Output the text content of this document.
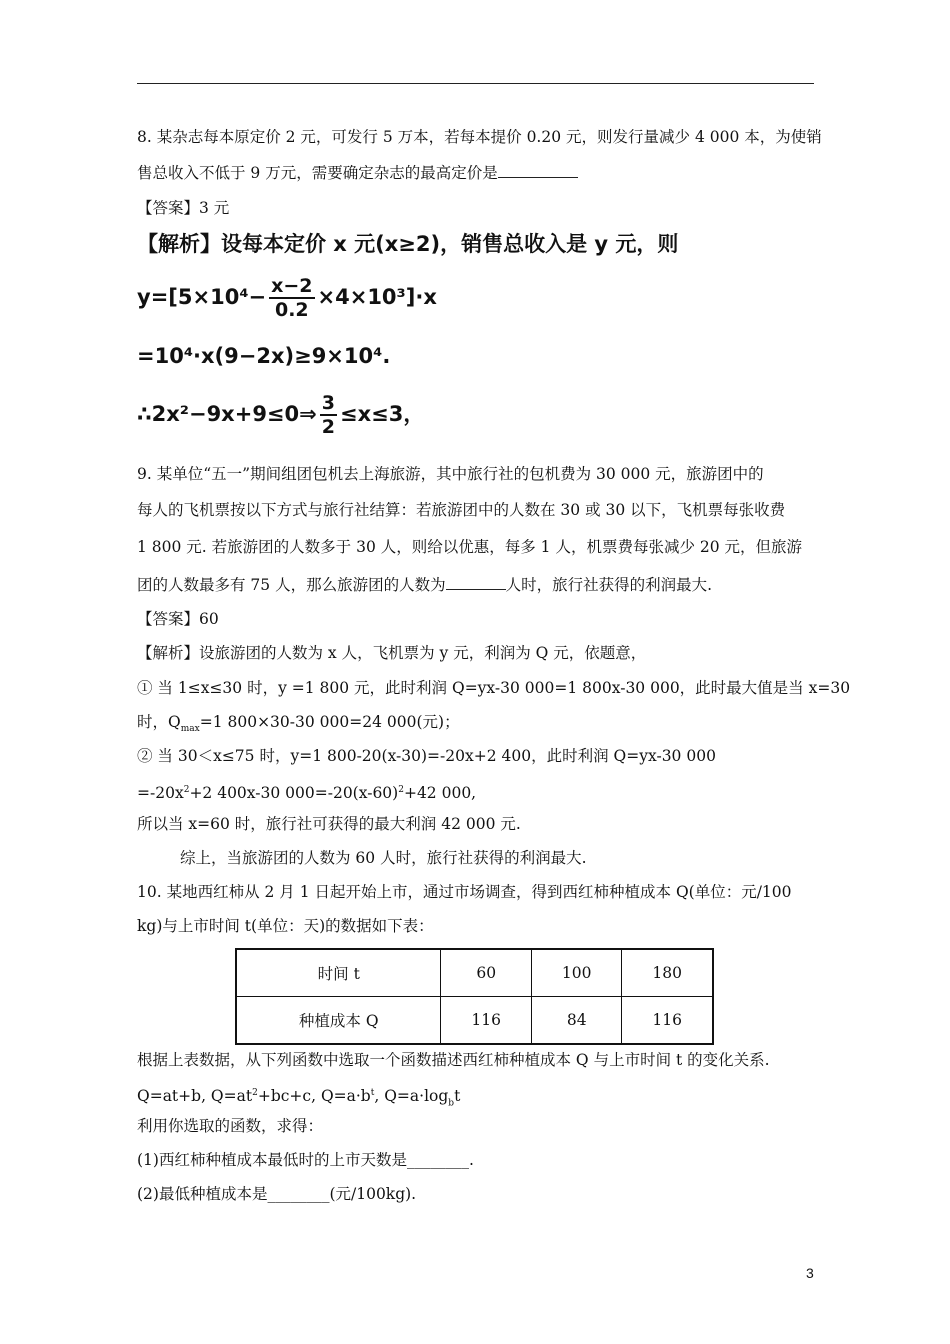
8. 某杂志每本原定价 2 元，可发行 5 万本，若每本提价 0.20 元，则发行量减少 4 000 本，为使销
售总收入不低于 9 万元，需要确定杂志的最高定价是
【答案】3 元
【解析】设每本定价 x 元(x≥2)，销售总收入是 y 元，则
$y=[5\times 10^4- \frac{x-2}{0.2} \times 4\times 10^3]\cdot x$
=10⁴·x(9−2x)≥9×10⁴.
∴2x²−9x+9≤0⇒ $\frac{3}{2} \le x\le 3$，
9. 某单位“五一”期间组团包机去上海旅游，其中旅行社的包机费为 30 000 元，旅游团中的
每人的飞机票按以下方式与旅行社结算：若旅游团中的人数在 30 或 30 以下，飞机票每张收费
1 800 元. 若旅游团的人数多于 30 人，则给以优惠，每多 1 人，机票费每张减少 20 元，但旅游
团的人数最多有 75 人，那么旅游团的人数为	人时，旅行社获得的利润最大.
【答案】60
【解析】设旅游团的人数为 x 人，飞机票为 y 元，利润为 Q 元，依题意，
① 当 1≤x≤30 时，y =1 800 元，此时利润 Q=yx-30 000=1 800x-30 000，此时最大值是当 x=30
时，$Q_{max}=1$ 800×30-30 000=24 000(元)；
② 当 30＜x≤75 时，y=1 800-20(x-30)=-20x+2 400，此时利润 Q=yx-30 000
$=-20x^2+2$ 400x-30 $000=-20(x-60)^2+42$ 000,
所以当 x=60 时，旅行社可获得的最大利润 42 000 元.
综上，当旅游团的人数为 60 人时，旅行社获得的利润最大.
10. 某地西红柿从 2 月 1 日起开始上市，通过市场调查，得到西红柿种植成本 Q(单位：元/100
kg)与上市时间 t(单位：天)的数据如下表：
时间 t	60	100	180
种植成本 Q	116	84	116
根据上表数据，从下列函数中选取一个函数描述西红柿种植成本 Q 与上市时间 t 的变化关系.
Q=at+b, $Q=at^2+bc+c$, $Q=a\cdot b^t$, $Q=a\cdot\log_bt$
利用你选取的函数，求得：
(1)西红柿种植成本最低时的上市天数是________.
(2)最低种植成本是________(元/100kg).
3
